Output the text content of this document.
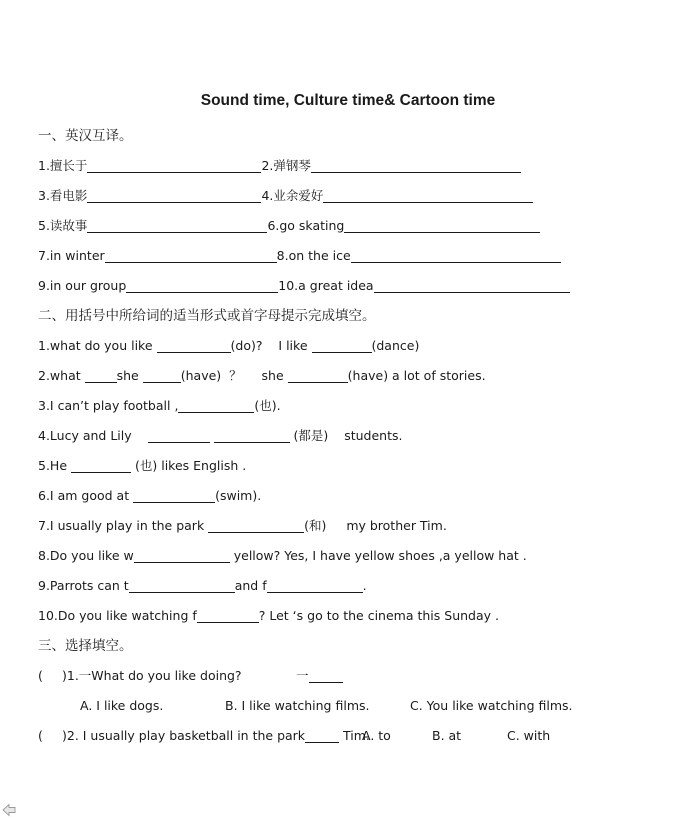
Sound time, Culture time& Cartoon time
一、英汉互译。
1.擅长于	2.弹钢琴
3.看电影	4.业余爱好
5.读故事	6.go skating
7.in winter	8.on the ice
9.in our group	10.a great idea
二、用括号中所给词的适当形式或首字母提示完成填空。
1.what do you like	(do)? I like	(dance)
2.what	she	(have) ？ she	(have) a lot of stories.
3.I can’t play football ,	(也).
4.Lucy and Lily	(都是) students.
5.He	(也) likes English .
6.I am good at	(swim).
7.I usually play in the park	(和) my brother Tim.
8.Do you like w	yellow? Yes, I have yellow shoes ,a yellow hat .
9.Parrots can t	and f	.
10.Do you like watching f	? Let ‘s go to the cinema this Sunday .
三、选择填空。
( )1.一What do you like doing?	一
A. I like dogs.	B. I like watching films.	C. You like watching films.
( )2. I usually play basketball in the park	Tim.
A. to	B. at	C. with
